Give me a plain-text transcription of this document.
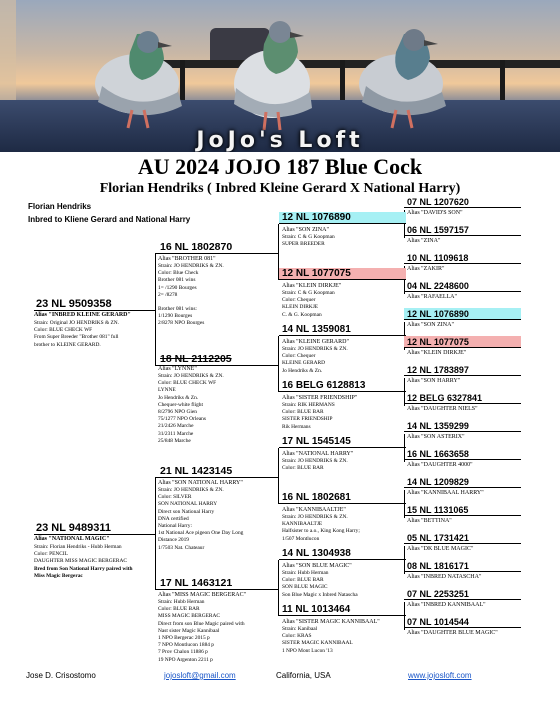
JoJo's Loft
AU 2024 JOJO 187 Blue Cock
Florian Hendriks ( Inbred Kleine Gerard X National Harry)
Florian Hendriks
Inbred to Kliene Gerard and National Harry
23 NL 9509358
Alias "INBRED KLEINE GERARD"
Strain: Original JO HENDRIKS & ZN.
Color: BLUE CHECK WF
From Super Breeder "Brother 081" full
brother to KLEINE GERARD.
23 NL 9489311
Alias "NATIONAL MAGIC"
Strain: Florian Hendriks - Hubb Herman
Color: PENCIL
DAUGHTER MISS MAGIC BERGERAC
Bred from Son National Harry paired with
Miss Magic Bergerac
16 NL 1802870
Alias "BROTHER 081"
Strain: JO HENDRIKS & ZN.
Color: Blue Check
Brother 081 wins
1= /1290 Bourges
2= /8278
Brother 081 wins:
1/1290 Bourges
2/8278 NPO Bourges
18 NL 2112205
Alias "LYNNE"
Strain: JO HENDRIKS & ZN.
Color: BLUE CHECK WF
LYNNE
Jo Hendriks & Zn.
Chequer-white flight
8/2796 NPO Gien
75/1277 NPO Orleans
21/2426 Marche
31/2311 Marche
25/848 Marche
21 NL 1423145
Alias "SON NATIONAL HARRY"
Strain: JO HENDRIKS & ZN.
Color: SILVER
SON NATIONAL HARRY
Direct son National Harry
DNA certified
National Harry:
1st National Ace pigeon One Day Long
Distance 2019
1/7503 Nat. Chateaur
17 NL 1463121
Alias "MISS MAGIC BERGERAC"
Strain: Hubb Herman
Color: BLUE BAR
MISS MAGIC BERGERAC
Direct from son Blue Magic paired with
Nast sister Magic Kannibaal
1 NPO Bergerac 2015 p
7 NPO Montlucon 1884 p
7 Prov Chalon 11886 p
19 NPO Argenton 2211 p
12 NL 1076890
Alias "SON ZINA"
Strain: C & G Koopman
SUPER BREEDER
12 NL 1077075
Alias "KLEIN DIRKJE"
Strain: C & G Koopman
Color: Chequer
KLEIN DIRKJE
C. & G. Koopman
14 NL 1359081
Alias "KLEINE GERARD"
Strain: JO HENDRIKS & ZN.
Color: Chequer
KLEINE GERARD
Jo Hendriks & Zn.
16 BELG 6128813
Alias "SISTER FRIENDSHIP"
Strain: RIK HERMANS
Color: BLUE BAR
SISTER FRIENDSHIP
Rik Hermans
17 NL 1545145
Alias "NATIONAL HARRY"
Strain: JO HENDRIKS & ZN.
Color: BLUE BAR
16 NL 1802681
Alias "KANNIBAALTJE"
Strain: JO HENDRIKS & ZN.
KANNIBAALTJE
Halfsister to a.o., King Kong Harry;
1/507 Montlucon
14 NL 1304938
Alias "SON BLUE MAGIC"
Strain: Hubb Herman
Color: BLUE BAR
SON BLUE MAGIC
Son Blue Magic x Inbred Natascha
11 NL 1013464
Alias "SISTER MAGIC KANNIBAAL"
Strain: Kanibaal
Color: KRAS
SISTER MAGIC KANNIBAAL
1 NPO Mont Lucon '13
07 NL 1207620
Alias "DAVID'S SON"
06 NL 1597157
Alias "ZINA"
10 NL 1109618
Alias "ZAKIR"
04 NL 2248600
Alias "RAFAELLA"
12 NL 1076890
Alias "SON ZINA"
12 NL 1077075
Alias "KLEIN DIRKJE"
12 NL 1783897
Alias "SON HARRY"
12 BELG 6327841
Alias "DAUGHTER NIELS"
14 NL 1359299
Alias "SON ASTERIX"
16 NL 1663658
Alias "DAUGHTER 4000"
14 NL 1209829
Alias "KANNIBAAL HARRY"
15 NL 1131065
Alias "BETTINA"
05 NL 1731421
Alias "DK BLUE MAGIC"
08 NL 1816171
Alias "INBRED NATASCHA"
07 NL 2253251
Alias "INBRED KANNIBAAL"
07 NL 1014544
Alias "DAUGHTER BLUE MAGIC"
Jose D. Crisostomo	jojosloft@gmail.com	California, USA	www.jojosloft.com
